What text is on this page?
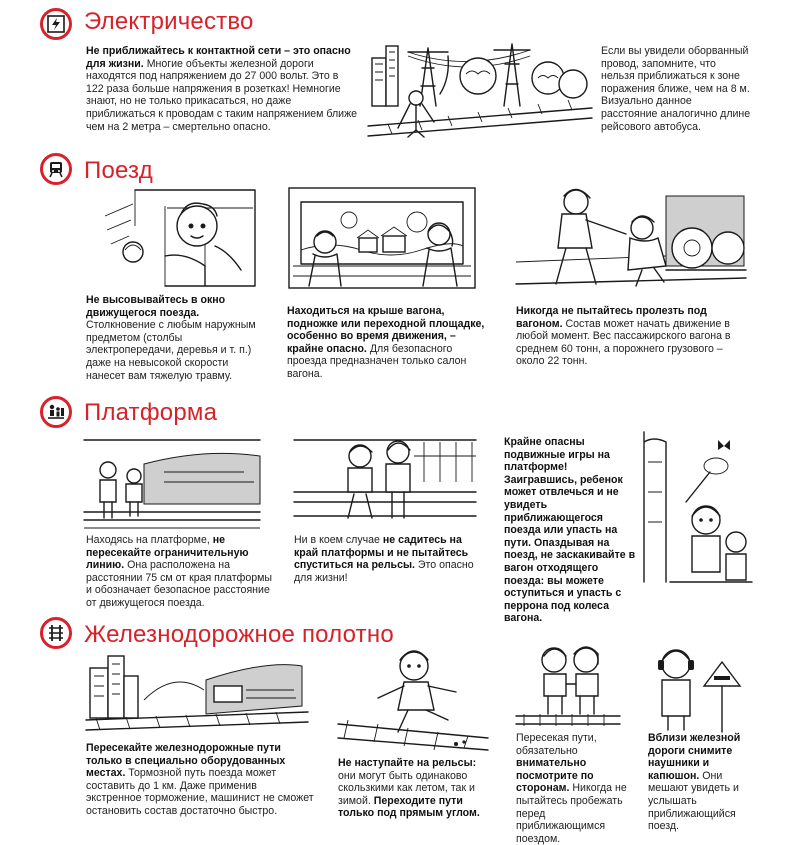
Электричество
Не приближайтесь к контактной сети – это опасно для жизни. Многие объекты железной дороги находятся под напряжением до 27 000 вольт. Это в 122 раза больше напряжения в розетках! Немногие знают, но не только прикасаться, но даже приближаться к проводам с таким напряжением ближе чем на 2 метра – смертельно опасно.
Если вы увидели оборванный провод, запомните, что нельзя приближаться к зоне поражения ближе, чем на 8 м. Визуально данное расстояние аналогично длине рейсового автобуса.
Поезд
Не высовывайтесь в окно движущегося поезда. Столкновение с любым наружным предметом (столбы электропередачи, деревья и т. п.) даже на невысокой скорости нанесет вам тяжелую травму.
Находиться на крыше вагона, подножке или переходной площадке, особенно во время движения, – крайне опасно. Для безопасного проезда предназначен только салон вагона.
Никогда не пытайтесь пролезть под вагоном. Состав может начать движение в любой момент. Вес пассажирского вагона в среднем 60 тонн, а порожнего грузового – около 22 тонн.
Платформа
Находясь на платформе, не пересекайте ограничительную линию. Она расположена на расстоянии 75 см от края платформы и обозначает безопасное расстояние от движущегося поезда.
Ни в коем случае не садитесь на край платформы и не пытайтесь спуститься на рельсы. Это опасно для жизни!
Крайне опасны подвижные игры на платформе! Заигравшись, ребенок может отвлечься и не увидеть приближающегося поезда или упасть на пути. Опаздывая на поезд, не заскакивайте в вагон отходящего поезда: вы можете оступиться и упасть с перрона под колеса вагона.
Железнодорожное полотно
Пересекайте железнодорожные пути только в специально оборудованных местах. Тормозной путь поезда может составить до 1 км. Даже применив экстренное торможение, машинист не сможет остановить состав достаточно быстро.
Не наступайте на рельсы: они могут быть одинаково скользкими как летом, так и зимой. Переходите пути только под прямым углом.
Пересекая пути, обязательно внимательно посмотрите по сторонам. Никогда не пытайтесь пробежать перед приближающимся поездом.
Вблизи железной дороги снимите наушники и капюшон. Они мешают увидеть и услышать приближающийся поезд.
